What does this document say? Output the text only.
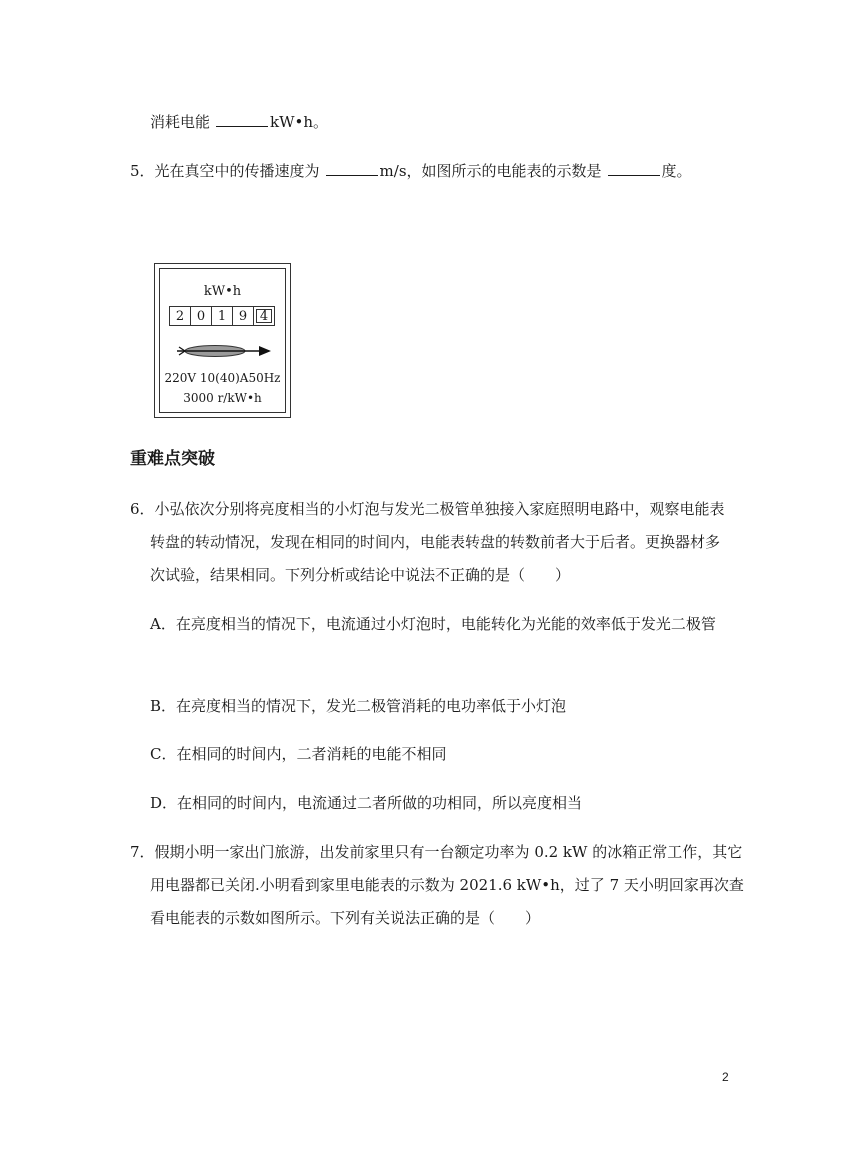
消耗电能	kW•h。
5．光在真空中的传播速度为	m/s，如图所示的电能表的示数是	度。
kW•h
2 0 1 9 4
220V 10(40)A50Hz
3000 r/kW•h
重难点突破
6．小弘依次分别将亮度相当的小灯泡与发光二极管单独接入家庭照明电路中，观察电能表
转盘的转动情况，发现在相同的时间内，电能表转盘的转数前者大于后者。更换器材多
次试验，结果相同。下列分析或结论中说法不正确的是（　　）
A．在亮度相当的情况下，电流通过小灯泡时，电能转化为光能的效率低于发光二极管
B．在亮度相当的情况下，发光二极管消耗的电功率低于小灯泡
C．在相同的时间内，二者消耗的电能不相同
D．在相同的时间内，电流通过二者所做的功相同，所以亮度相当
7．假期小明一家出门旅游，出发前家里只有一台额定功率为 0.2 kW 的冰箱正常工作，其它
用电器都已关闭.小明看到家里电能表的示数为 2021.6 kW•h，过了 7 天小明回家再次查
看电能表的示数如图所示。下列有关说法正确的是（　　）
2
